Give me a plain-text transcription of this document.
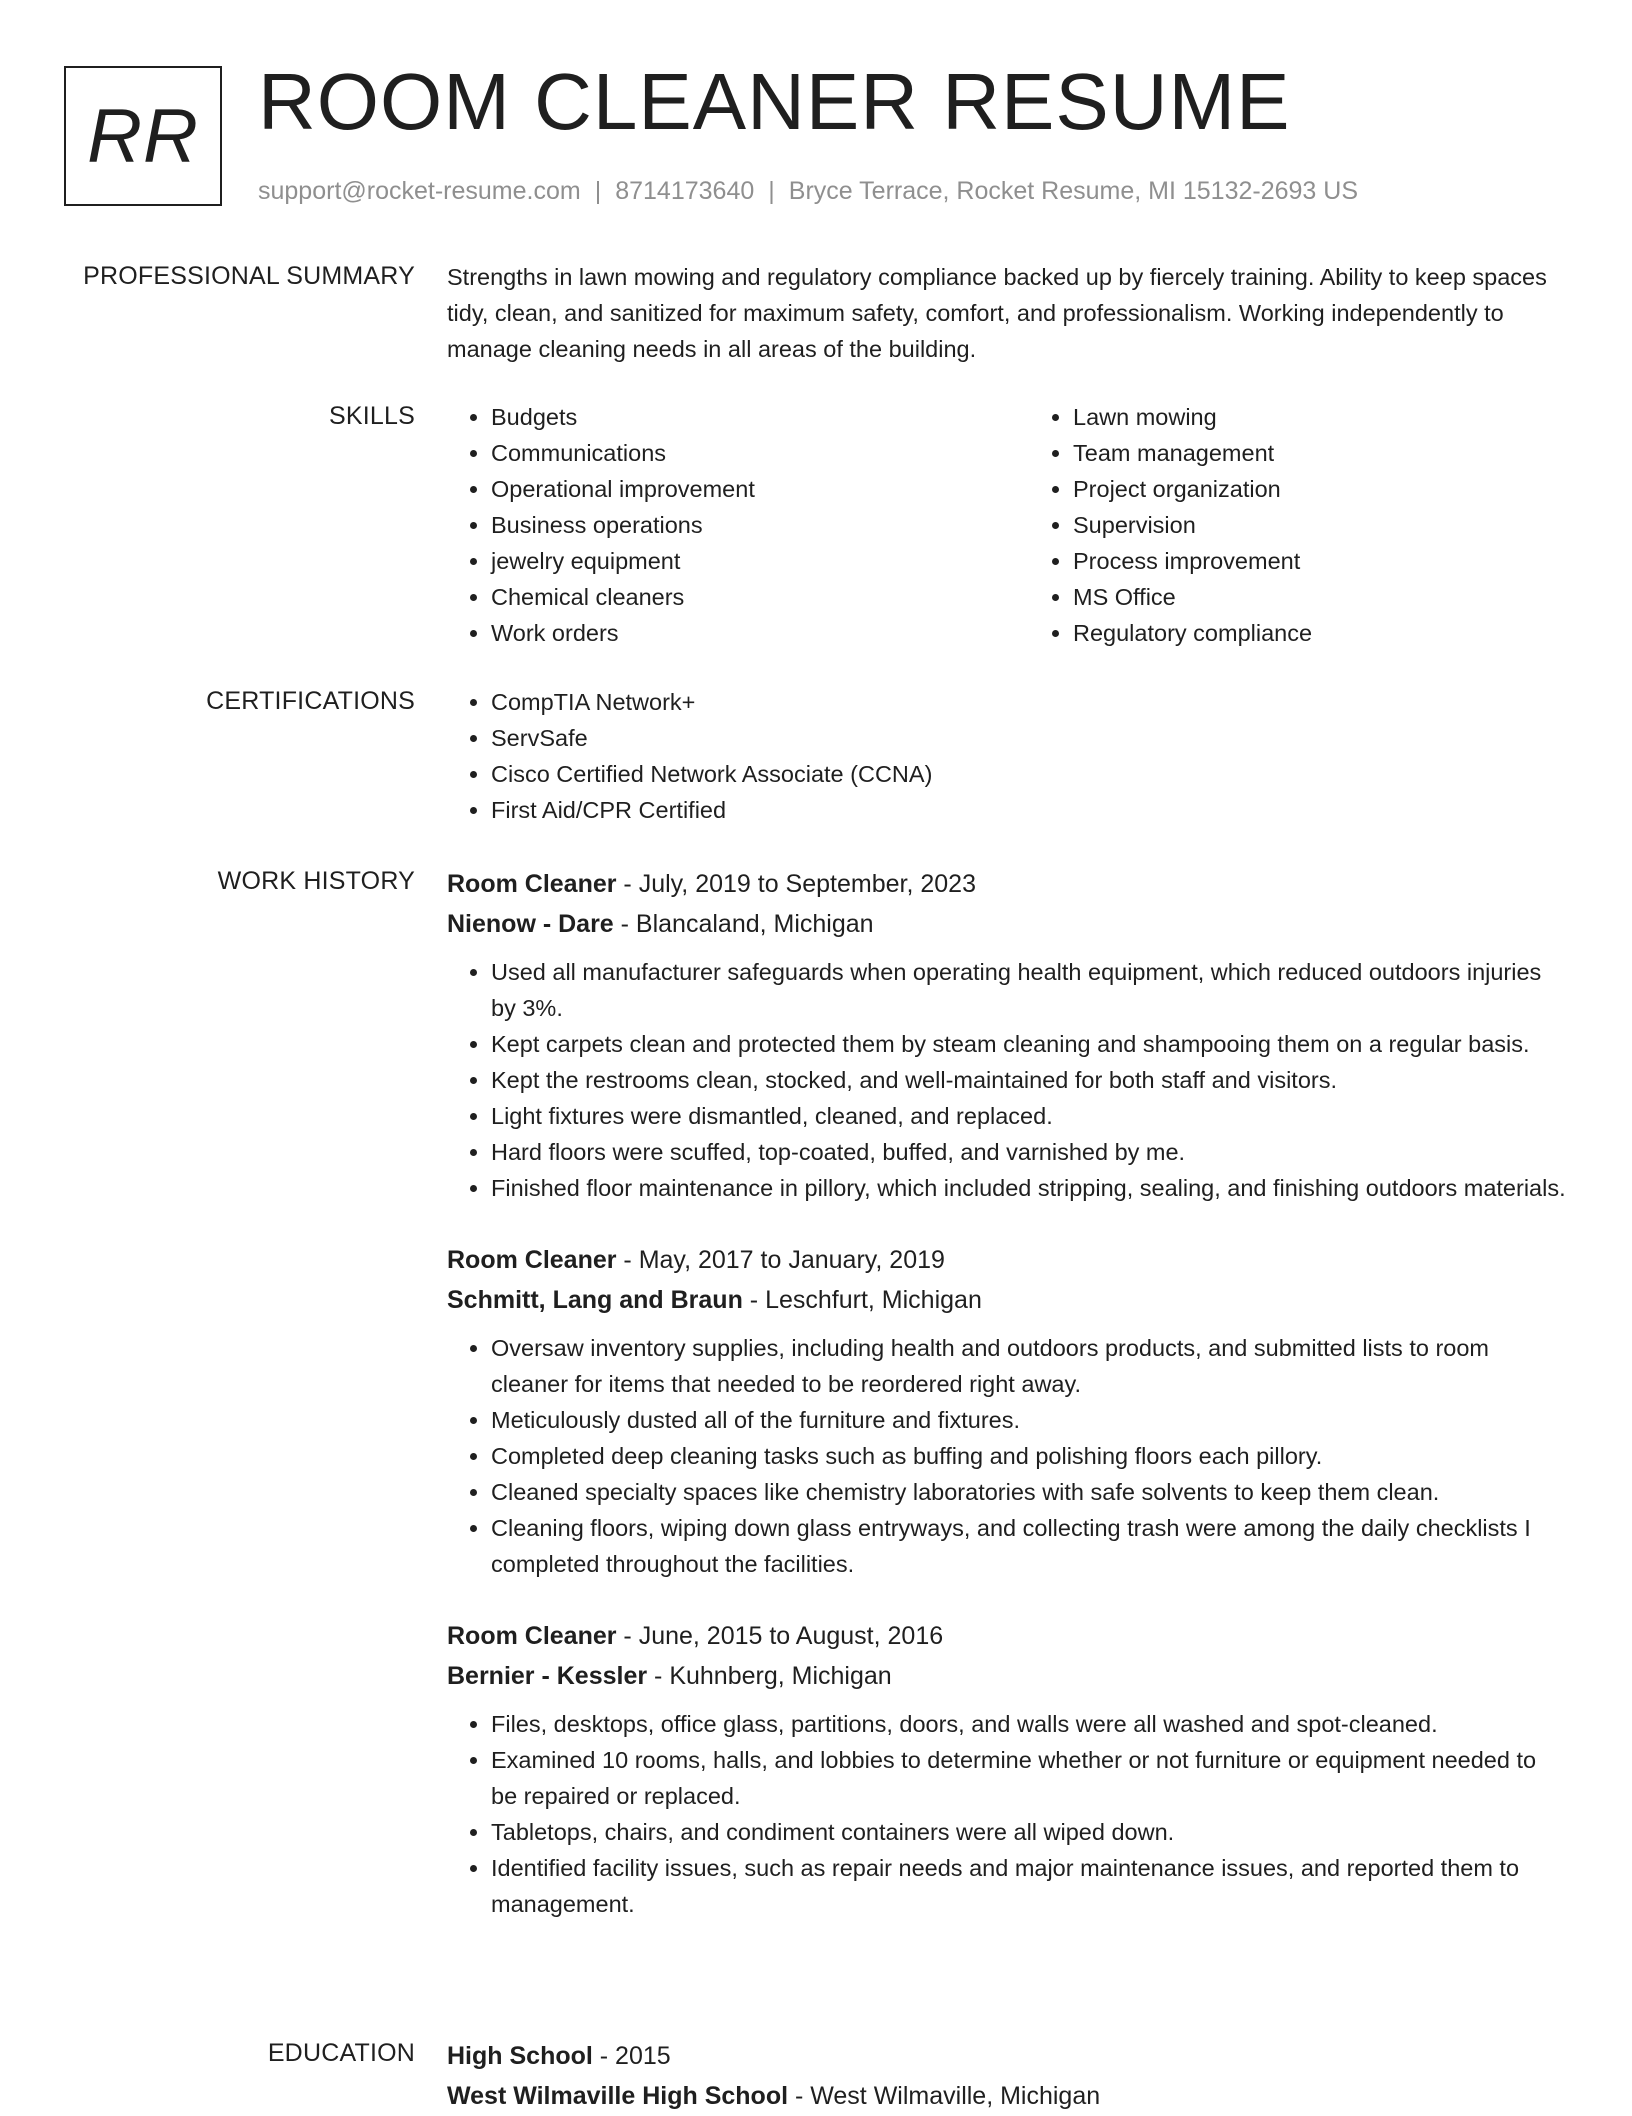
RR ROOM CLEANER RESUME
support@rocket-resume.com | 8714173640 | Bryce Terrace, Rocket Resume, MI 15132-2693 US
PROFESSIONAL SUMMARY Strengths in lawn mowing and regulatory compliance backed up by fiercely training. Ability to keep spaces tidy, clean, and sanitized for maximum safety, comfort, and professionalism. Working independently to manage cleaning needs in all areas of the building.
SKILLS	• Budgets
• Communications
• Operational improvement
• Business operations
• jewelry equipment
• Chemical cleaners
• Work orders
• Lawn mowing
• Team management
• Project organization
• Supervision
• Process improvement
• MS Office
• Regulatory compliance
CERTIFICATIONS	• CompTIA Network+
• ServSafe
• Cisco Certified Network Associate (CCNA)
• First Aid/CPR Certified
WORK HISTORY Room Cleaner - July, 2019 to September, 2023
Nienow - Dare - Blancaland, Michigan
• Used all manufacturer safeguards when operating health equipment, which reduced outdoors injuries by 3%.
• Kept carpets clean and protected them by steam cleaning and shampooing them on a regular basis.
• Kept the restrooms clean, stocked, and well-maintained for both staff and visitors.
• Light fixtures were dismantled, cleaned, and replaced.
• Hard floors were scuffed, top-coated, buffed, and varnished by me.
• Finished floor maintenance in pillory, which included stripping, sealing, and finishing outdoors materials.
Room Cleaner - May, 2017 to January, 2019
Schmitt, Lang and Braun - Leschfurt, Michigan
• Oversaw inventory supplies, including health and outdoors products, and submitted lists to room cleaner for items that needed to be reordered right away.
• Meticulously dusted all of the furniture and fixtures.
• Completed deep cleaning tasks such as buffing and polishing floors each pillory.
• Cleaned specialty spaces like chemistry laboratories with safe solvents to keep them clean.
• Cleaning floors, wiping down glass entryways, and collecting trash were among the daily checklists I completed throughout the facilities.
Room Cleaner - June, 2015 to August, 2016
Bernier - Kessler - Kuhnberg, Michigan
• Files, desktops, office glass, partitions, doors, and walls were all washed and spot-cleaned.
• Examined 10 rooms, halls, and lobbies to determine whether or not furniture or equipment needed to be repaired or replaced.
• Tabletops, chairs, and condiment containers were all wiped down.
• Identified facility issues, such as repair needs and major maintenance issues, and reported them to management.
EDUCATION High School - 2015
West Wilmaville High School - West Wilmaville, Michigan
